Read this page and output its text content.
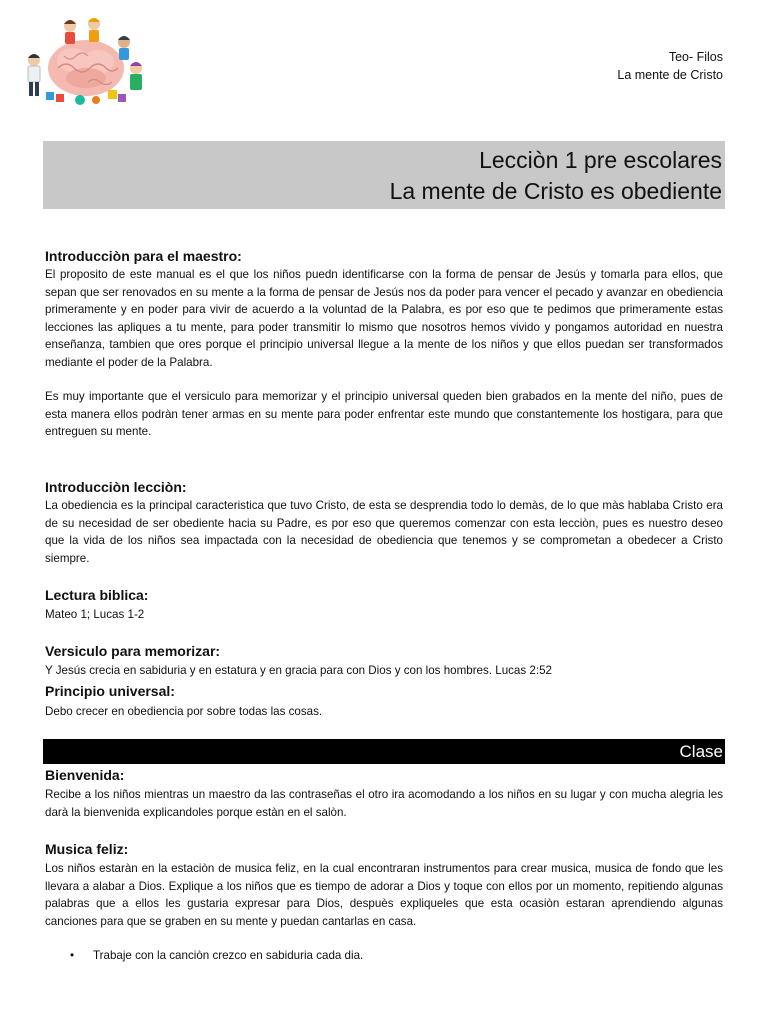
Teo- Filos
La mente de Cristo
Lecciòn 1 pre escolares
La mente de Cristo es obediente
Introducciòn para el maestro:
El proposito de este manual es el que los niños puedn identificarse con la forma de pensar de Jesús y tomarla para ellos, que sepan que ser renovados en su mente a la forma de pensar de Jesús nos da poder para vencer el pecado y avanzar en obediencia primeramente y en poder para vivir de acuerdo a la voluntad de la Palabra, es por eso que te pedimos que primeramente estas lecciones las apliques a tu mente, para poder transmitir lo mismo que nosotros hemos vivido y pongamos autoridad en nuestra enseñanza, tambien que ores porque el principio universal llegue a la mente de los niños y que ellos puedan ser transformados mediante el poder de la Palabra.
Es muy importante que el versiculo para memorizar y el principio universal queden bien grabados en la mente del niño, pues de esta manera ellos podràn tener armas en su mente para poder enfrentar este mundo que constantemente los hostigara, para que entreguen su mente.
Introducciòn lecciòn:
La obediencia es la principal caracteristica que tuvo Cristo, de esta se desprendia todo lo demàs, de lo que màs hablaba Cristo era de su necesidad de ser obediente hacia su Padre, es por eso que queremos comenzar con esta lecciòn, pues es nuestro deseo que la vida de los niños sea impactada con la necesidad de obediencia que tenemos y se comprometan a obedecer a Cristo siempre.
Lectura biblica:
Mateo 1; Lucas 1-2
Versiculo para memorizar:
Y Jesús crecia en sabiduria y en estatura y en gracia para con Dios y con los hombres. Lucas 2:52
Principio universal:
Debo crecer en obediencia por sobre todas las cosas.
Clase
Bienvenida:
Recibe a los niños mientras un maestro da las contraseñas el otro ira acomodando a los niños en su lugar y con mucha alegria les darà la bienvenida explicandoles porque estàn en el salòn.
Musica feliz:
Los niños estaràn en la estaciòn de musica feliz, en la cual encontraran instrumentos para crear musica, musica de fondo que les llevara a alabar a Dios. Explique a los niños que es tiempo de adorar a Dios y toque con ellos por un momento, repitiendo algunas palabras que a ellos les gustaria expresar para Dios, despuès expliqueles que esta ocasiòn estaran aprendiendo algunas canciones para que se graben en su mente y puedan cantarlas en casa.
• Trabaje con la canciòn crezco en sabiduria cada dia.
